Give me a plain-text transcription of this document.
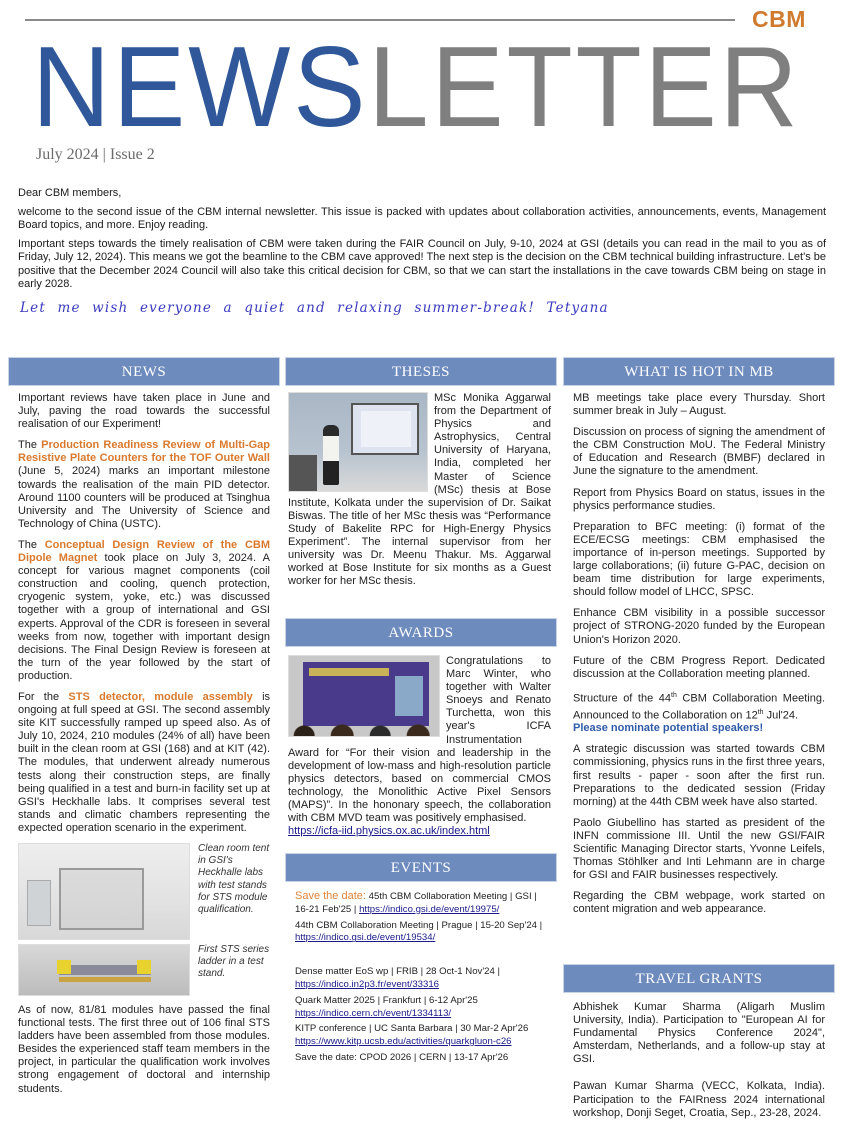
CBM
NEWSLETTER
July 2024 | Issue 2

Dear CBM members,

welcome to the second issue of the CBM internal newsletter. This issue is packed with updates about collaboration activities, announcements, events, Management Board topics, and more. Enjoy reading.

Important steps towards the timely realisation of CBM were taken during the FAIR Council on July, 9-10, 2024 at GSI (details you can read in the mail to you as of Friday, July 12, 2024). This means we got the beamline to the CBM cave approved! The next step is the decision on the CBM technical building infrastructure. Let's be positive that the December 2024 Council will also take this critical decision for CBM, so that we can start the installations in the cave towards CBM being on stage in early 2028.

Let me wish everyone a quiet and relaxing summer-break! Tetyana
NEWS

Important reviews have taken place in June and July, paving the road towards the successful realisation of our Experiment!

The Production Readiness Review of Multi-Gap Resistive Plate Counters for the TOF Outer Wall (June 5, 2024) marks an important milestone towards the realisation of the main PID detector. Around 1100 counters will be produced at Tsinghua University and The University of Science and Technology of China (USTC).

The Conceptual Design Review of the CBM Dipole Magnet took place on July 3, 2024. A concept for various magnet components (coil construction and cooling, quench protection, cryogenic system, yoke, etc.) was discussed together with a group of international and GSI experts. Approval of the CDR is foreseen in several weeks from now, together with important design decisions. The Final Design Review is foreseen at the turn of the year followed by the start of production.

For the STS detector, module assembly is ongoing at full speed at GSI. The second assembly site KIT successfully ramped up speed also. As of July 10, 2024, 210 modules (24% of all) have been built in the clean room at GSI (168) and at KIT (42). The modules, that underwent already numerous tests along their construction steps, are finally being qualified in a test and burn-in facility set up at GSI's Heckhalle labs. It comprises several test stands and climatic chambers representing the expected operation scenario in the experiment.

Clean room tent in GSI's Heckhalle labs with test stands for STS module qualification.
First STS series ladder in a test stand.

As of now, 81/81 modules have passed the final functional tests. The first three out of 106 final STS ladders have been assembled from those modules. Besides the experienced staff team members in the project, in particular the qualification work involves strong engagement of doctoral and internship students.

THESES

MSc Monika Aggarwal from the Department of Physics and Astrophysics, Central University of Haryana, India, completed her Master of Science (MSc) thesis at Bose Institute, Kolkata under the supervision of Dr. Saikat Biswas. The title of her MSc thesis was “Performance Study of Bakelite RPC for High-Energy Physics Experiment”. The internal supervisor from her university was Dr. Meenu Thakur. Ms. Aggarwal worked at Bose Institute for six months as a Guest worker for her MSc thesis.

AWARDS

Congratulations to Marc Winter, who together with Walter Snoeys and Renato Turchetta, won this year's ICFA Instrumentation Award for “For their vision and leadership in the development of low-mass and high-resolution particle physics detectors, based on commercial CMOS technology, the Monolithic Active Pixel Sensors (MAPS)”. In the hononary speech, the collaboration with CBM MVD team was positively emphasised.
https://icfa-iid.physics.ox.ac.uk/index.html

EVENTS
Save the date: 45th CBM Collaboration Meeting | GSI | 16-21 Feb'25 | https://indico.gsi.de/event/19975/
44th CBM Collaboration Meeting | Prague | 15-20 Sep'24 | https://indico.gsi.de/event/19534/
Dense matter EoS wp | FRIB | 28 Oct-1 Nov'24 | https://indico.in2p3.fr/event/33316
Quark Matter 2025 | Frankfurt | 6-12 Apr'25
https://indico.cern.ch/event/1334113/
KITP conference | UC Santa Barbara | 30 Mar-2 Apr'26
https://www.kitp.ucsb.edu/activities/quarkgluon-c26
Save the date: CPOD 2026 | CERN | 13-17 Apr'26
WHAT IS HOT IN MB

MB meetings take place every Thursday. Short summer break in July – August.

Discussion on process of signing the amendment of the CBM Construction MoU. The Federal Ministry of Education and Research (BMBF) declared in June the signature to the amendment.

Report from Physics Board on status, issues in the physics performance studies.

Preparation to BFC meeting: (i) format of the ECE/ECSG meetings: CBM emphasised the importance of in-person meetings. Supported by large collaborations; (ii) future G-PAC, decision on beam time distribution for large experiments, should follow model of LHCC, SPSC.

Enhance CBM visibility in a possible successor project of STRONG-2020 funded by the European Union's Horizon 2020.

Future of the CBM Progress Report. Dedicated discussion at the Collaboration meeting planned.

Structure of the 44th CBM Collaboration Meeting. Announced to the Collaboration on 12th Jul'24.
Please nominate potential speakers!

A strategic discussion was started towards CBM commissioning, physics runs in the first three years, first results - paper - soon after the first run. Preparations to the dedicated session (Friday morning) at the 44th CBM week have also started.

Paolo Giubellino has started as president of the INFN commissione III. Until the new GSI/FAIR Scientific Managing Director starts, Yvonne Leifels, Thomas Stöhlker and Inti Lehmann are in charge for GSI and FAIR businesses respectively.

Regarding the CBM webpage, work started on content migration and web appearance.

TRAVEL GRANTS

Abhishek Kumar Sharma (Aligarh Muslim University, India). Participation to "European AI for Fundamental Physics Conference 2024", Amsterdam, Netherlands, and a follow-up stay at GSI.

Pawan Kumar Sharma (VECC, Kolkata, India). Participation to the FAIRness 2024 international workshop, Donji Seget, Croatia, Sep., 23-28, 2024.
